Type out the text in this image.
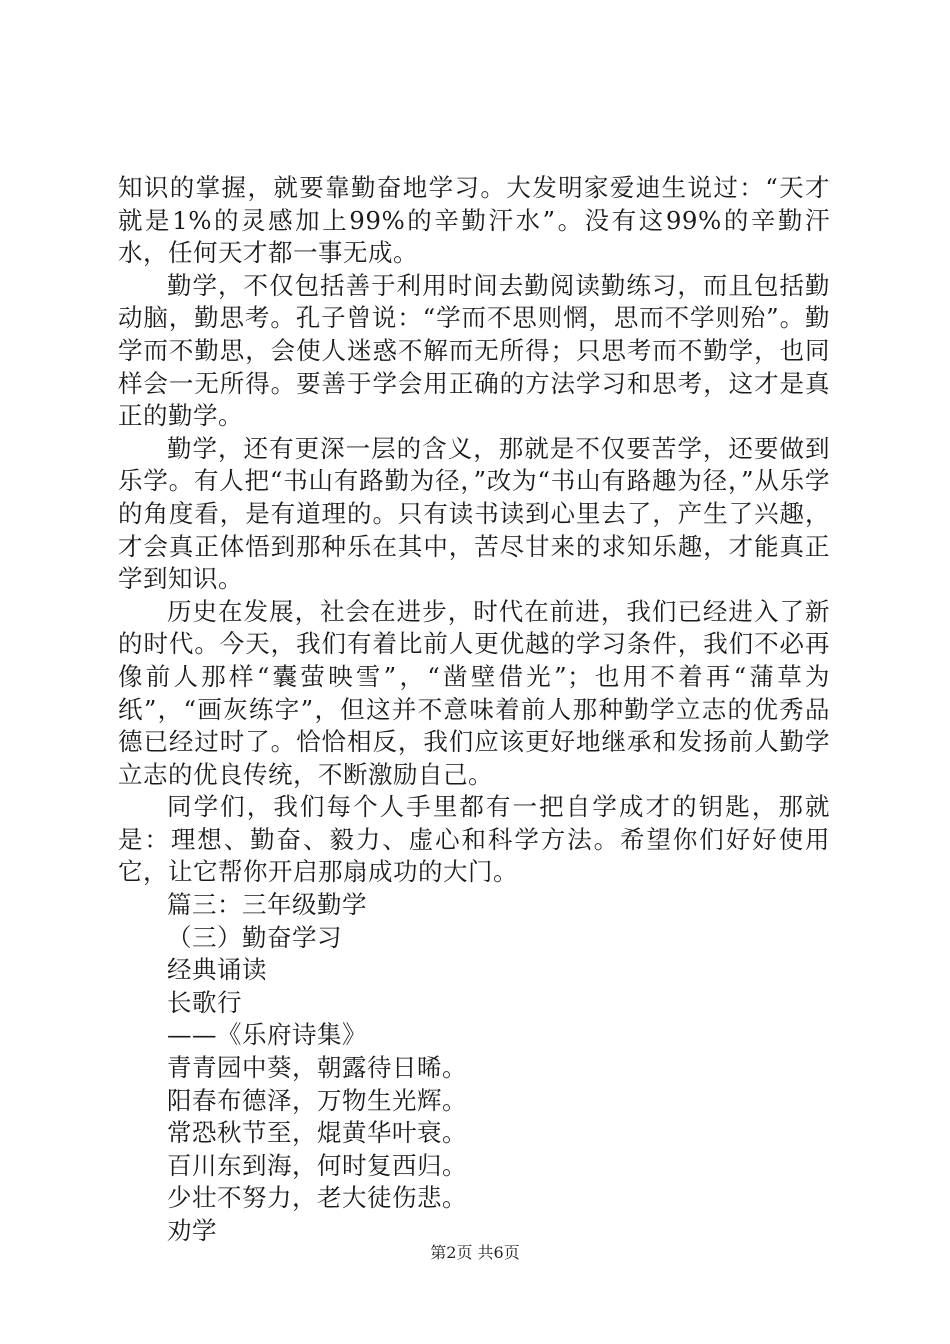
知识的掌握，就要靠勤奋地学习。大发明家爱迪生说过：“天才就是1%的灵感加上99%的辛勤汗水”。没有这99%的辛勤汗水，任何天才都一事无成。

勤学，不仅包括善于利用时间去勤阅读勤练习，而且包括勤动脑，勤思考。孔子曾说：“学而不思则惘，思而不学则殆”。勤学而不勤思，会使人迷惑不解而无所得；只思考而不勤学，也同样会一无所得。要善于学会用正确的方法学习和思考，这才是真正的勤学。

勤学，还有更深一层的含义，那就是不仅要苦学，还要做到乐学。有人把“书山有路勤为径，”改为“书山有路趣为径，”从乐学的角度看，是有道理的。只有读书读到心里去了，产生了兴趣，才会真正体悟到那种乐在其中，苦尽甘来的求知乐趣，才能真正学到知识。

历史在发展，社会在进步，时代在前进，我们已经进入了新的时代。今天，我们有着比前人更优越的学习条件，我们不必再像前人那样“囊萤映雪”，“凿壁借光”；也用不着再“蒲草为纸”，“画灰练字”，但这并不意味着前人那种勤学立志的优秀品德已经过时了。恰恰相反，我们应该更好地继承和发扬前人勤学立志的优良传统，不断激励自己。

同学们，我们每个人手里都有一把自学成才的钥匙，那就是：理想、勤奋、毅力、虚心和科学方法。希望你们好好使用它，让它帮你开启那扇成功的大门。

篇三：三年级勤学

（三）勤奋学习

经典诵读

长歌行

——《乐府诗集》

青青园中葵，朝露待日晞。

阳春布德泽，万物生光辉。

常恐秋节至，焜黄华叶衰。

百川东到海，何时复西归。

少壮不努力，老大徒伤悲。

劝学

第2页 共6页
